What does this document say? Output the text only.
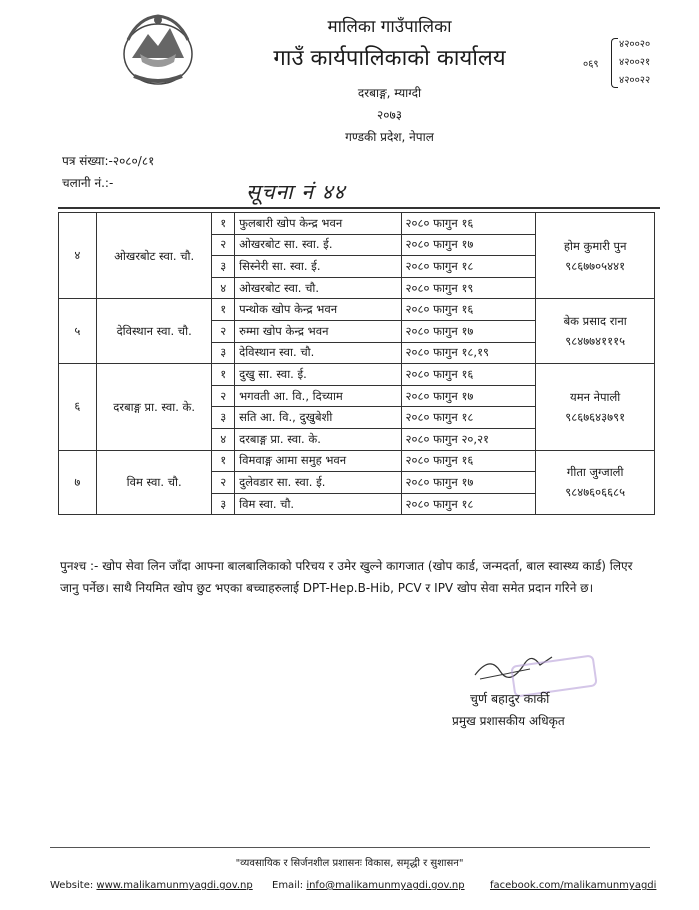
मालिका गाउँपालिका
गाउँ कार्यपालिकाको कार्यालय
दरबाङ्ग, म्याग्दी
२०७३
गण्डकी प्रदेश, नेपाल
०६९
४२००२०
४२००२१
४२००२२
पत्र संख्या:-२०८०/८१
चलानी नं.:-	सूचना नं ४४
४	ओखरबोट स्वा. चौ.	१	फुलबारी खोप केन्द्र भवन	२०८० फागुन १६	होम कुमारी पुन
९८६७७०५४४१

		२	ओखरबोट सा. स्वा. ई.	२०८० फागुन १७	
		३	सिस्नेरी सा. स्वा. ई.	२०८० फागुन १८	
		४	ओखरबोट स्वा. चौ.	२०८० फागुन १९	
५	देविस्थान स्वा. चौ.	१	पन्थोक खोप केन्द्र भवन	२०८० फागुन १६	बेक प्रसाद राना
९८४७७४१११५

		२	रुम्मा खोप केन्द्र भवन	२०८० फागुन १७	
		३	देविस्थान स्वा. चौ.	२०८० फागुन १८,१९	
६	दरबाङ्ग प्रा. स्वा. के.	१	दुखु सा. स्वा. ई.	२०८० फागुन १६	यमन नेपाली
९८६७६४३७९१

		२	भगवती आ. वि., दिच्याम	२०८० फागुन १७	
		३	सति आ. वि., दुखुबेशी	२०८० फागुन १८	
		४	दरबाङ्ग प्रा. स्वा. के.	२०८० फागुन २०,२१	
७	विम स्वा. चौ.	१	विमवाङ्ग आमा समुह भवन	२०८० फागुन १६	गीता जुग्जाली
९८४७६०६६८५

		२	दुलेवडार सा. स्वा. ई.	२०८० फागुन १७	
		३	विम स्वा. चौ.	२०८० फागुन १८	
पुनश्च :- खोप सेवा लिन जाँदा आफ्ना बालबालिकाको परिचय र उमेर खुल्ने कागजात (खोप कार्ड, जन्मदर्ता, बाल स्वास्थ्य कार्ड) लिएर जानु पर्नेछ। साथै नियमित खोप छुट भएका बच्चाहरुलाई DPT-Hep.B-Hib, PCV र IPV खोप सेवा समेत प्रदान गरिने छ।
चुर्ण बहादुर कार्की
प्रमुख प्रशासकीय अधिकृत
"व्यवसायिक र सिर्जनशील प्रशासनः विकास, समृद्धी र सुशासन"
Website: www.malikamunmyagdi.gov.np Email: info@malikamunmyagdi.gov.np	facebook.com/malikamunmyagdi
